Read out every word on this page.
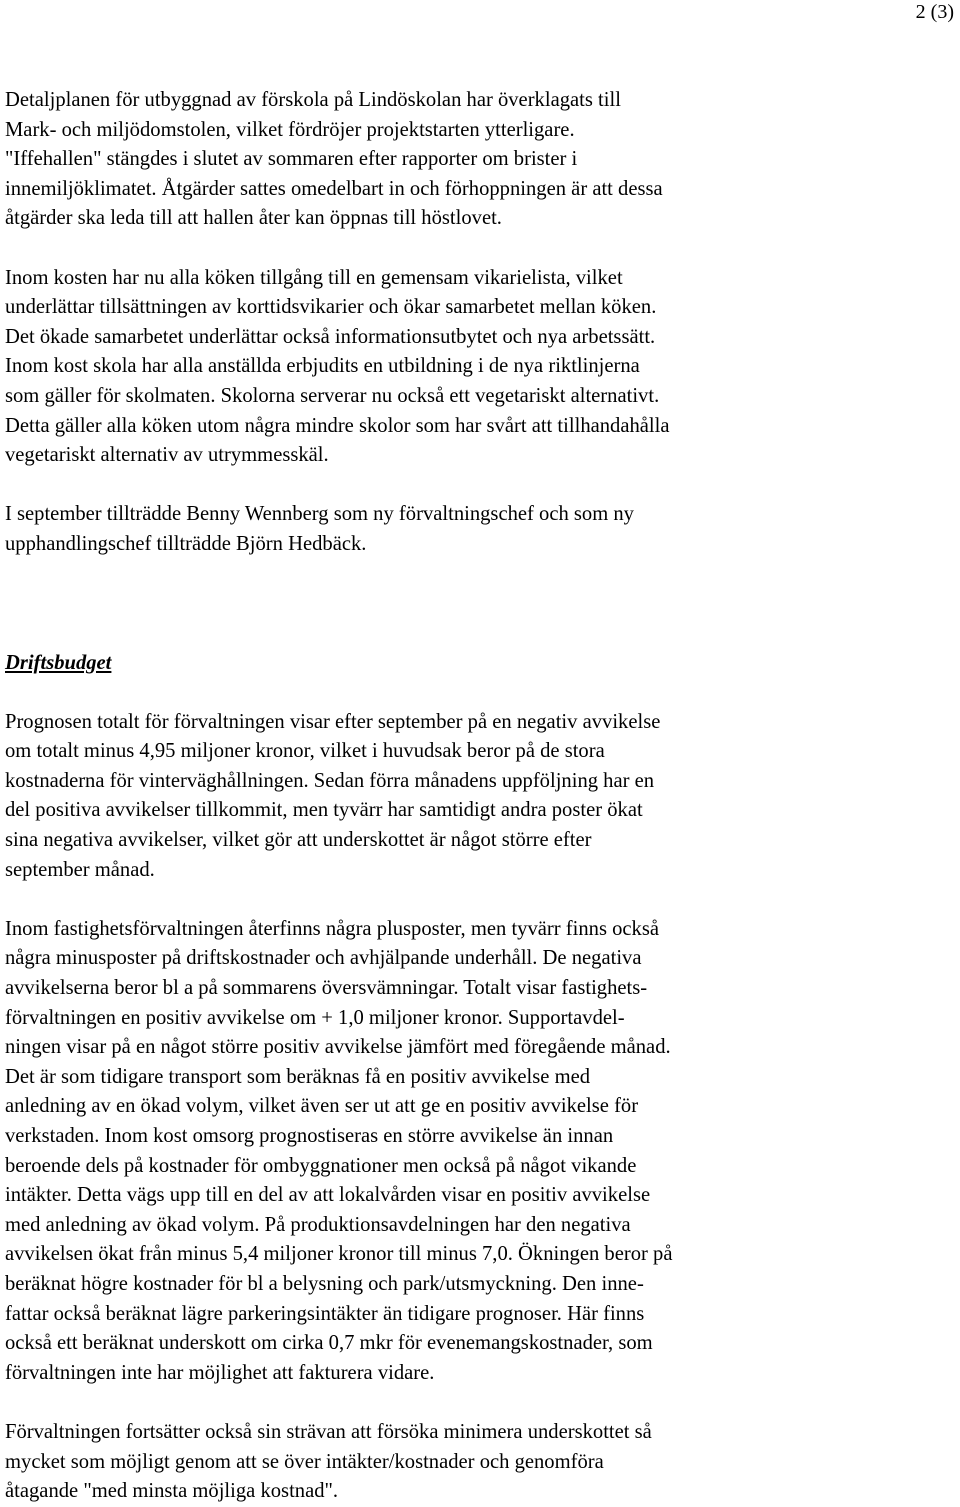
2 (3)

Detaljplanen för utbyggnad av förskola på Lindöskolan har överklagats till
Mark- och miljödomstolen, vilket fördröjer projektstarten ytterligare.
"Iffehallen" stängdes i slutet av sommaren efter rapporter om brister i
innemiljöklimatet. Åtgärder sattes omedelbart in och förhoppningen är att dessa
åtgärder ska leda till att hallen åter kan öppnas till höstlovet.

Inom kosten har nu alla köken tillgång till en gemensam vikarielista, vilket
underlättar tillsättningen av korttidsvikarier och ökar samarbetet mellan köken.
Det ökade samarbetet underlättar också informationsutbytet och nya arbetssätt.
Inom kost skola har alla anställda erbjudits en utbildning i de nya riktlinjerna
som gäller för skolmaten. Skolorna serverar nu också ett vegetariskt alternativt.
Detta gäller alla köken utom några mindre skolor som har svårt att tillhandahålla
vegetariskt alternativ av utrymmesskäl.

I september tillträdde Benny Wennberg som ny förvaltningschef och som ny
upphandlingschef tillträdde Björn Hedbäck.

Driftsbudget

Prognosen totalt för förvaltningen visar efter september på en negativ avvikelse
om totalt minus 4,95 miljoner kronor, vilket i huvudsak beror på de stora
kostnaderna för vinterväghållningen. Sedan förra månadens uppföljning har en
del positiva avvikelser tillkommit, men tyvärr har samtidigt andra poster ökat
sina negativa avvikelser, vilket gör att underskottet är något större efter
september månad.

Inom fastighetsförvaltningen återfinns några plusposter, men tyvärr finns också
några minusposter på driftskostnader och avhjälpande underhåll. De negativa
avvikelserna beror bl a på sommarens översvämningar. Totalt visar fastighets-
förvaltningen en positiv avvikelse om + 1,0 miljoner kronor. Supportavdel-
ningen visar på en något större positiv avvikelse jämfört med föregående månad.
Det är som tidigare transport som beräknas få en positiv avvikelse med
anledning av en ökad volym, vilket även ser ut att ge en positiv avvikelse för
verkstaden. Inom kost omsorg prognostiseras en större avvikelse än innan
beroende dels på kostnader för ombyggnationer men också på något vikande
intäkter. Detta vägs upp till en del av att lokalvården visar en positiv avvikelse
med anledning av ökad volym. På produktionsavdelningen har den negativa
avvikelsen ökat från minus 5,4 miljoner kronor till minus 7,0. Ökningen beror på
beräknat högre kostnader för bl a belysning och park/utsmyckning. Den inne-
fattar också beräknat lägre parkeringsintäkter än tidigare prognoser. Här finns
också ett beräknat underskott om cirka 0,7 mkr för evenemangskostnader, som
förvaltningen inte har möjlighet att fakturera vidare.

Förvaltningen fortsätter också sin strävan att försöka minimera underskottet så
mycket som möjligt genom att se över intäkter/kostnader och genomföra
åtagande "med minsta möjliga kostnad".
